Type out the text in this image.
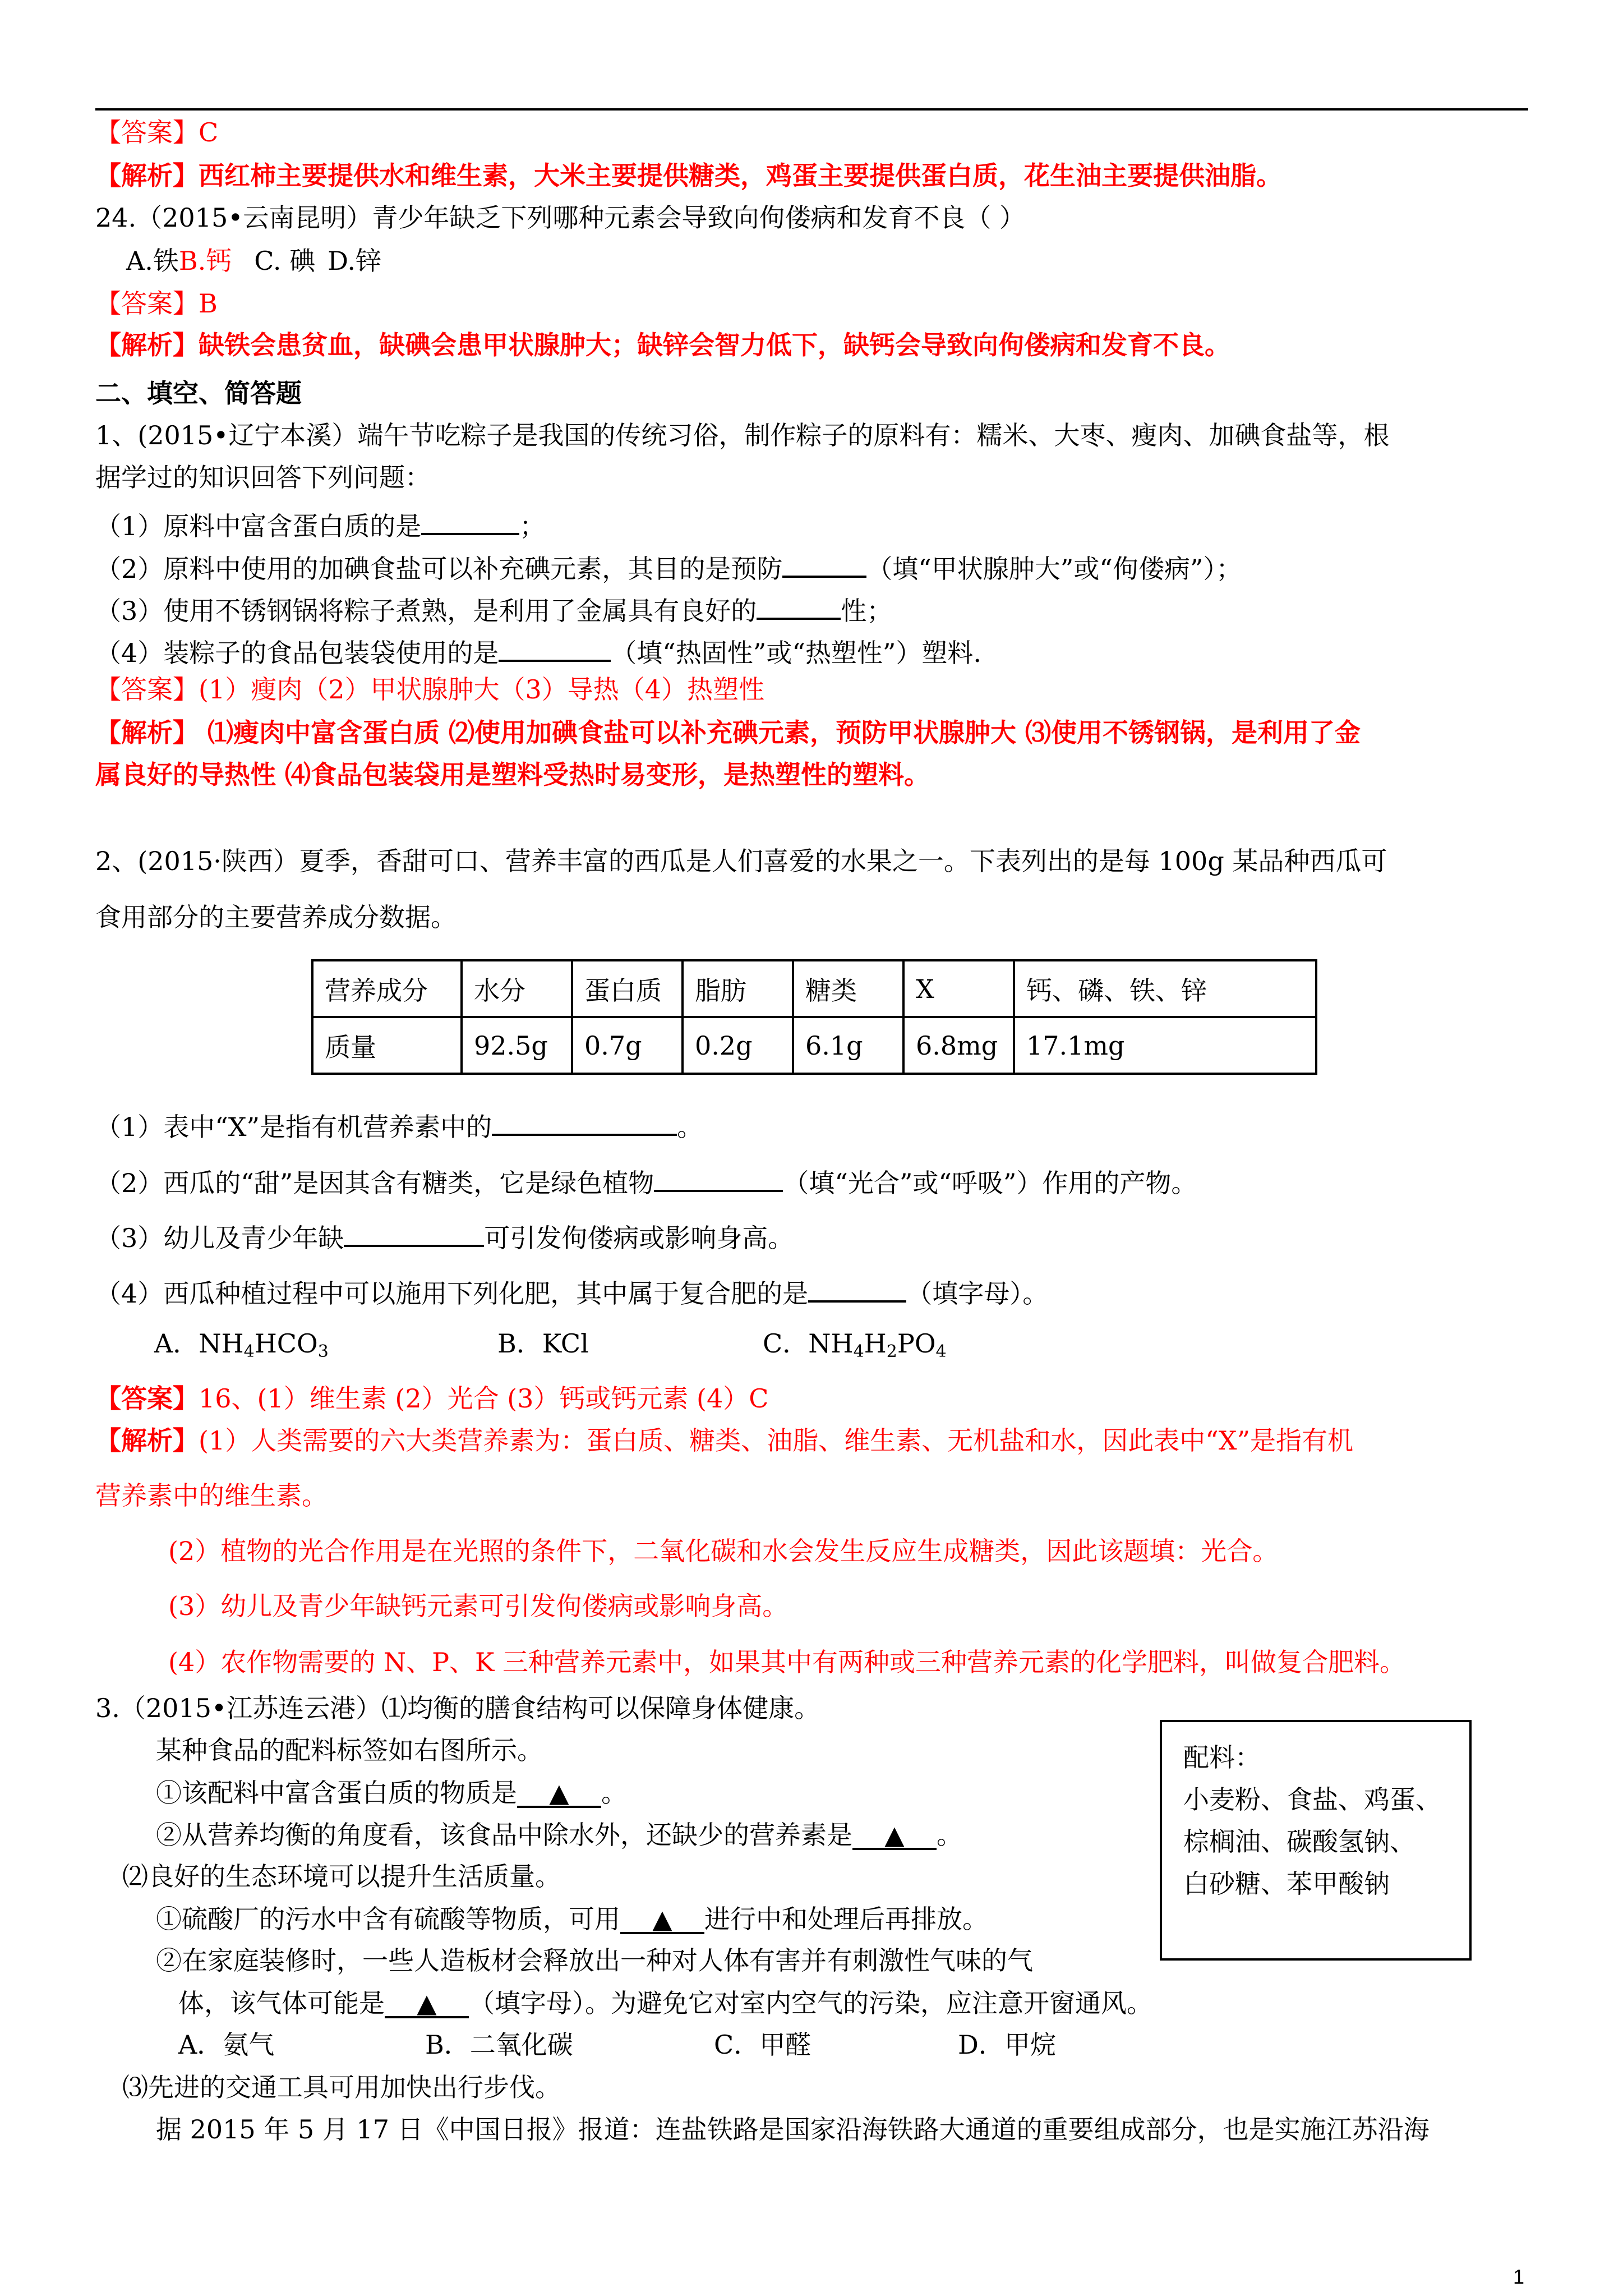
【答案】C
【解析】西红柿主要提供水和维生素，大米主要提供糖类，鸡蛋主要提供蛋白质，花生油主要提供油脂。
24.（2015•云南昆明）青少年缺乏下列哪种元素会导致向佝偻病和发育不良（ ）
A.铁B.钙 C. 碘 D.锌
【答案】B
【解析】缺铁会患贫血，缺碘会患甲状腺肿大；缺锌会智力低下，缺钙会导致向佝偻病和发育不良。
二、填空、简答题
1、(2015•辽宁本溪）端午节吃粽子是我国的传统习俗，制作粽子的原料有：糯米、大枣、瘦肉、加碘食盐等，根
据学过的知识回答下列问题：
（1）原料中富含蛋白质的是	；
（2）原料中使用的加碘食盐可以补充碘元素，其目的是预防	（填“甲状腺肿大”或“佝偻病”）；
（3）使用不锈钢锅将粽子煮熟，是利用了金属具有良好的	性；
（4）装粽子的食品包装袋使用的是	（填“热固性”或“热塑性”）塑料.
【答案】(1）瘦肉（2）甲状腺肿大（3）导热（4）热塑性
【解析】 ⑴瘦肉中富含蛋白质 ⑵使用加碘食盐可以补充碘元素，预防甲状腺肿大 ⑶使用不锈钢锅，是利用了金
属良好的导热性 ⑷食品包装袋用是塑料受热时易变形，是热塑性的塑料。
2、(2015·陕西）夏季，香甜可口、营养丰富的西瓜是人们喜爱的水果之一。下表列出的是每 100g 某品种西瓜可
食用部分的主要营养成分数据。
营养成分	水分	蛋白质	脂肪	糖类	X	钙、磷、铁、锌
质量	92.5g	0.7g	0.2g	6.1g	6.8mg	17.1mg
（1）表中“X”是指有机营养素中的	。
（2）西瓜的“甜”是因其含有糖类，它是绿色植物	（填“光合”或“呼吸”）作用的产物。
（3）幼儿及青少年缺	可引发佝偻病或影响身高。
（4）西瓜种植过程中可以施用下列化肥，其中属于复合肥的是	（填字母）。
A．$NH_4HCO_3$	B．KCl	C．$NH_4H_2PO_4$
【答案】16、(1）维生素 (2）光合 (3）钙或钙元素 (4）C
【解析】(1）人类需要的六大类营养素为：蛋白质、糖类、油脂、维生素、无机盐和水，因此表中“X”是指有机
营养素中的维生素。
(2）植物的光合作用是在光照的条件下，二氧化碳和水会发生反应生成糖类，因此该题填：光合。
(3）幼儿及青少年缺钙元素可引发佝偻病或影响身高。
(4）农作物需要的 N、P、K 三种营养元素中，如果其中有两种或三种营养元素的化学肥料，叫做复合肥料。
3.（2015•江苏连云港）⑴均衡的膳食结构可以保障身体健康。
某种食品的配料标签如右图所示。
①该配料中富含蛋白质的物质是 ▲ 。
②从营养均衡的角度看，该食品中除水外，还缺少的营养素是 ▲ 。
⑵良好的生态环境可以提升生活质量。
①硫酸厂的污水中含有硫酸等物质，可用 ▲ 进行中和处理后再排放。
②在家庭装修时，一些人造板材会释放出一种对人体有害并有刺激性气味的气
体，该气体可能是 ▲ （填字母）。为避免它对室内空气的污染，应注意开窗通风。
A．氨气	B．二氧化碳	C．甲醛	D．甲烷
⑶先进的交通工具可用加快出行步伐。
据 2015 年 5 月 17 日《中国日报》报道：连盐铁路是国家沿海铁路大通道的重要组成部分，也是实施江苏沿海
配料：
小麦粉、食盐、鸡蛋、
棕榈油、碳酸氢钠、
白砂糖、苯甲酸钠
1
